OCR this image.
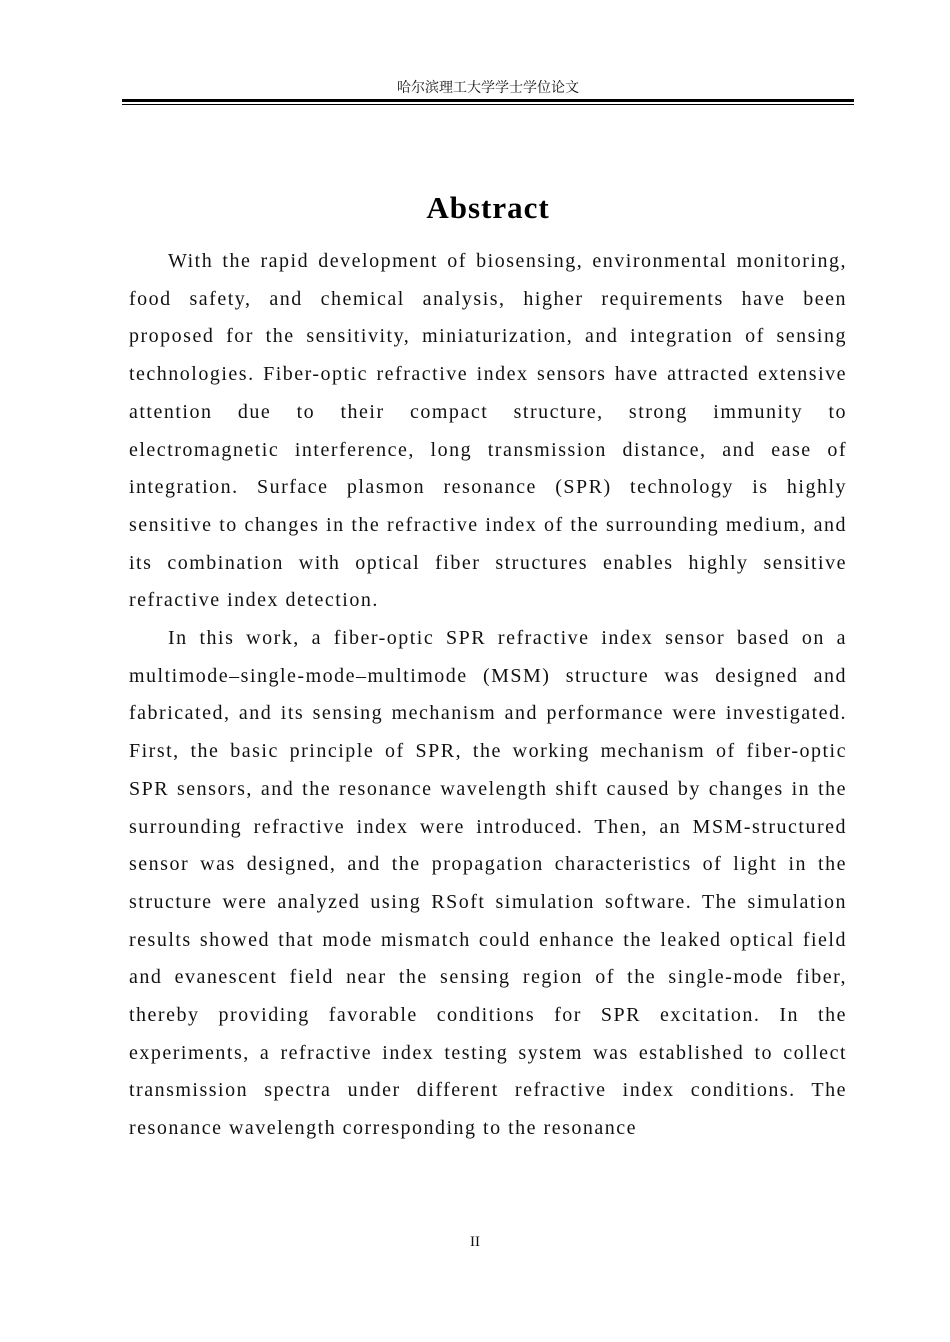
哈尔滨理工大学学士学位论文
Abstract

With the rapid development of biosensing, environmental monitoring, food safety, and chemical analysis, higher requirements have been proposed for the sensitivity, miniaturization, and integration of sensing technologies. Fiber-optic refractive index sensors have attracted extensive attention due to their compact structure, strong immunity to electromagnetic interference, long transmission distance, and ease of integration. Surface plasmon resonance (SPR) technology is highly sensitive to changes in the refractive index of the surrounding medium, and its combination with optical fiber structures enables highly sensitive refractive index detection.

In this work, a fiber-optic SPR refractive index sensor based on a multimode–single-mode–multimode (MSM) structure was designed and fabricated, and its sensing mechanism and performance were investigated. First, the basic principle of SPR, the working mechanism of fiber-optic SPR sensors, and the resonance wavelength shift caused by changes in the surrounding refractive index were introduced. Then, an MSM-structured sensor was designed, and the propagation characteristics of light in the structure were analyzed using RSoft simulation software. The simulation results showed that mode mismatch could enhance the leaked optical field and evanescent field near the sensing region of the single-mode fiber, thereby providing favorable conditions for SPR excitation. In the experiments, a refractive index testing system was established to collect transmission spectra under different refractive index conditions. The resonance wavelength corresponding to the resonance

II
